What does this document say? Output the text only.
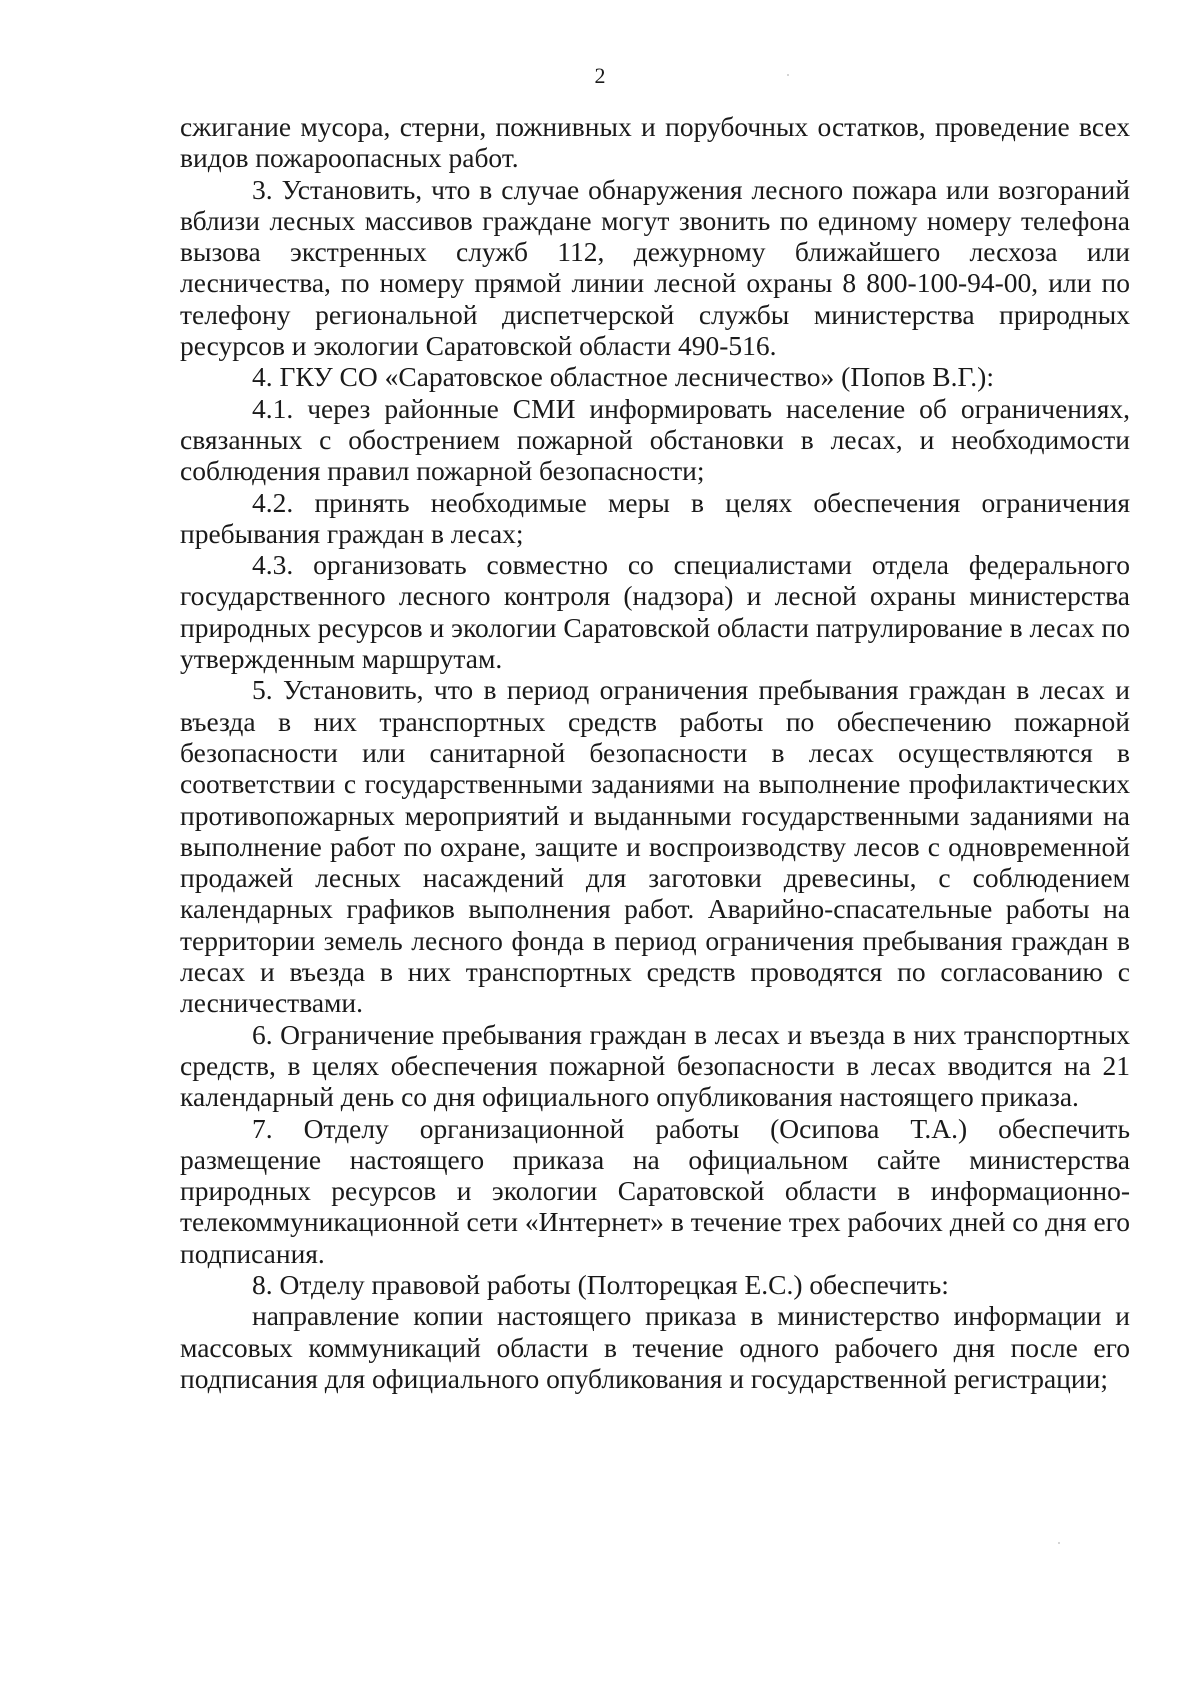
2

сжигание мусора, стерни, пожнивных и порубочных остатков, проведение всех видов пожароопасных работ.

3. Установить, что в случае обнаружения лесного пожара или возгораний вблизи лесных массивов граждане могут звонить по единому номеру телефона вызова экстренных служб 112, дежурному ближайшего лесхоза или лесничества, по номеру прямой линии лесной охраны 8 800-100-94-00, или по телефону региональной диспетчерской службы министерства природных ресурсов и экологии Саратовской области 490-516.

4. ГКУ СО «Саратовское областное лесничество» (Попов В.Г.):

4.1. через районные СМИ информировать население об ограничениях, связанных с обострением пожарной обстановки в лесах, и необходимости соблюдения правил пожарной безопасности;

4.2. принять необходимые меры в целях обеспечения ограничения пребывания граждан в лесах;

4.3. организовать совместно со специалистами отдела федерального государственного лесного контроля (надзора) и лесной охраны министерства природных ресурсов и экологии Саратовской области патрулирование в лесах по утвержденным маршрутам.

5. Установить, что в период ограничения пребывания граждан в лесах и въезда в них транспортных средств работы по обеспечению пожарной безопасности или санитарной безопасности в лесах осуществляются в соответствии с государственными заданиями на выполнение профилактических противопожарных мероприятий и выданными государственными заданиями на выполнение работ по охране, защите и воспроизводству лесов с одновременной продажей лесных насаждений для заготовки древесины, с соблюдением календарных графиков выполнения работ. Аварийно-спасательные работы на территории земель лесного фонда в период ограничения пребывания граждан в лесах и въезда в них транспортных средств проводятся по согласованию с лесничествами.

6. Ограничение пребывания граждан в лесах и въезда в них транспортных средств, в целях обеспечения пожарной безопасности в лесах вводится на 21 календарный день со дня официального опубликования настоящего приказа.

7. Отделу организационной работы (Осипова Т.А.) обеспечить размещение настоящего приказа на официальном сайте министерства природных ресурсов и экологии Саратовской области в информационно-телекоммуникационной сети «Интернет» в течение трех рабочих дней со дня его подписания.

8. Отделу правовой работы (Полторецкая Е.С.) обеспечить:

направление копии настоящего приказа в министерство информации и массовых коммуникаций области в течение одного рабочего дня после его подписания для официального опубликования и государственной регистрации;
